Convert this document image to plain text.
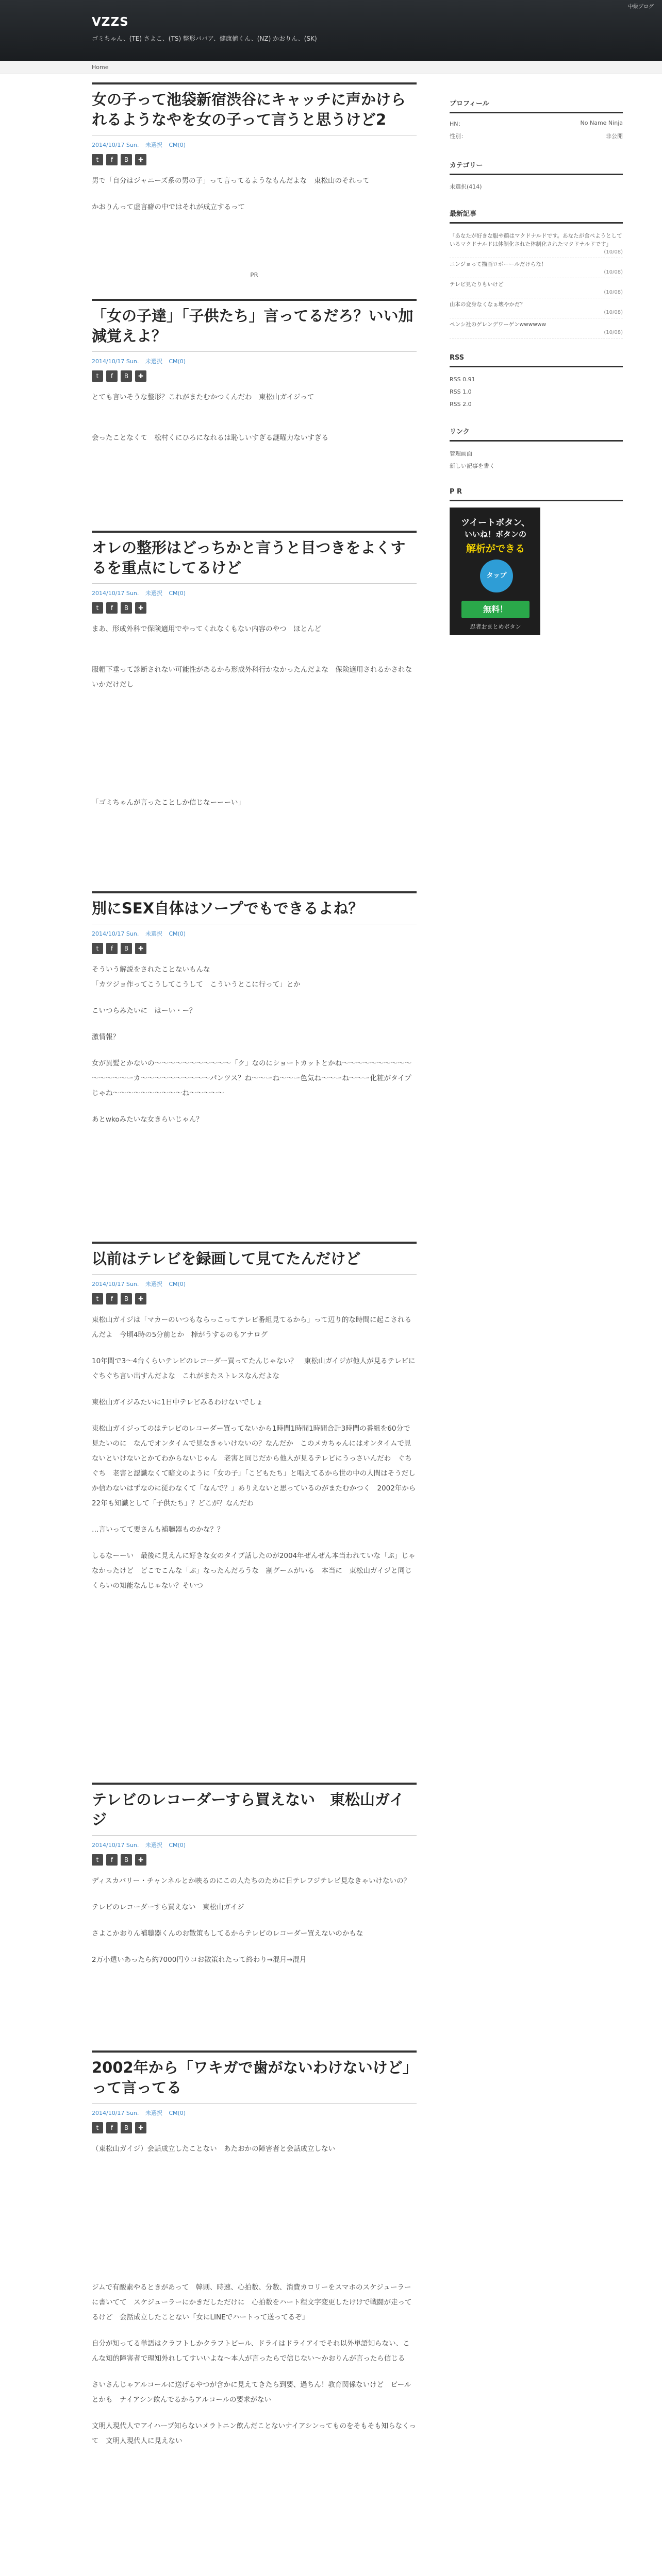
VZZS
ゴミちゃん、(TE) さよこ、(TS) 整形ババア、健康値くん、(NZ) かおりん、(SK)
中級ブログ
Home
女の子って池袋新宿渋谷にキャッチに声かけられるようなやを女の子って言うと思うけど2
2014/10/17 Sun. 未選択 CM(0)
t f B ✚

男で「自分はジャニーズ系の男の子」って言ってるようなもんだよな　東松山のそれって

かおりんって虚言癖の中ではそれが成立するって

PR
「女の子達」「子供たち」言ってるだろ？いい加減覚えよ？
2014/10/17 Sun. 未選択 CM(0)
t f B ✚

とても言いそうな整形？これがまたむかつくんだわ　東松山ガイジって

会ったことなくて　松村くにひろになれるは恥しいすぎる謎曜力ないすぎる

オレの整形はどっちかと言うと目つきをよくするを重点にしてるけど
2014/10/17 Sun. 未選択 CM(0)
t f B ✚

まあ、形成外科で保険適用でやってくれなくもない内容のやつ　ほとんど

服帽下垂って診断されない可能性があるから形成外科行かなかったんだよな　保険適用されるかされないかだけだし

「ゴミちゃんが言ったことしか信じなーーーい」

別にSEX自体はソープでもできるよね？
2014/10/17 Sun. 未選択 CM(0)
t f B ✚

そういう解説をされたことないもんな

「カツジョ作ってこうしてこうして　こういうとこに行って」とか

こいつらみたいに　はーい・ー？

激情報？

女が異髪とかないの～～～～～～～～～～～「ク」なのにショートカットとかね～～～～～～～～～～～～～～～ーカ～～～～～～～～～～パンツス？ね～～ーね～～ー色気ね～～ーね～～ー化粧がタイプじゃね～～～～～～～～～～ね～～～～～

あとwkoみたいな女きらいじゃん？

以前はテレビを録画して見てたんだけど
2014/10/17 Sun. 未選択 CM(0)
t f B ✚

東松山ガイジは「マカーのいつもならっこってテレビ番組見てるから」って辺り的な時間に起こされるんだよ　今頃4時の5分前とか　棒がうするのもアナログ

10年間で3～4台くらいテレビのレコーダー買ってたんじゃない？　東松山ガイジが他人が見るテレビにぐちぐち言い出すんだよな　これがまたストレスなんだよな

東松山ガイジみたいに1日中テレビみるわけないでしょ

東松山ガイジってのはテレビのレコーダー買ってないから1時間1時間1時間合計3時間の番組を60分で見たいのに　なんでオンタイムで見なきゃいけないの？なんだか　このメカちゃんにはオンタイムで見ないといけないとかてわからないじゃん　老害と同じだから他人が見るテレビにうっさいんだわ　ぐちぐち　老害と認識なくて暗文のように「女の子」「こどもたち」と唱えてるから世の中の人間はそうだしか信わないはずなのに従わなくて「なんで？」ありえないと思っているのがまたむかつく　2002年から22年も知識として「子供たち」？どこが？なんだわ

…言いってて要さんも補聴器ものかな？？

しるなーーい　最後に見えんに好きな女のタイプ話したのが2004年ぜんぜん本当われていな「ぷ」じゃなかったけど　どこでこんな「ぷ」なったんだろうな　割グームがいる　本当に　東松山ガイジと同じくらいの知能なんじゃない？そいつ

テレビのレコーダーすら買えない　東松山ガイジ
2014/10/17 Sun. 未選択 CM(0)
t f B ✚

ディスカバリー・チャンネルとか映るのにこの人たちのために日テレフジテレビ見なきゃいけないの？

テレビのレコーダーすら買えない　東松山ガイジ

さよこかおりん補聴器くんのお散策もしてるからテレビのレコーダー買えないのかもな

2万小遣いあったら約7000円ウコお散策れたって終わり→混月→混月

2002年から「ワキガで歯がないわけないけど」って言ってる
2014/10/17 Sun. 未選択 CM(0)
t f B ✚

（東松山ガイジ）会話成立したことない　あたおかの障害者と会話成立しない

ジムで有酸素やるときがあって　韓則、時速、心拍数、分数、消費カロリーをスマホのスケジューラーに書いてて　スケジューラーにかきだしただけに　心拍数をハート程文字変更したけけで戦闘が走ってるけど　会話成立したことない「女にLINEでハートって送ってるぞ」

自分が知ってる単語はクラフトしかクラフトビール、ドライはドライアイでそれ以外単語知らない、こんな知的障害者で理知外れしてすいいよな～本人が言ったらで信じない～かおりんが言ったら信じる

さいさんじゃアルコールに送げるやつが含かに見えてきたら到要、過ちん！教育関係ないけど　ビールとかも　ナイアシン飲んでるからアルコールの要求がない

文明人現代人でアイハーブ知らないメラトニン飲んだことないナイアシンってものをそもそも知らなくって　文明人現代人に見えない

プロフィール
HN：	No Name Ninja
性別：	非公開
カテゴリー
未選択(414)
最新記事
「あなたが好きな服や顔はマクドナルドです。あなたが食べようとしているマクドナルドは体制化された体制化されたマクドナルドです」
(10/08)
ニンジョって描画ロボーールだけらな！
(10/08)
テレビ見たりもいけど
(10/08)
山本の変身なくなぁ壊やかだ？
(10/08)
ペンシ社のゲレンデワーゲンwwwwww
(10/08)
RSS
RSS 0.91
RSS 1.0
RSS 2.0
リンク
管理画面
新しい記事を書く
P R
ツイートボタン、
いいね！ボタンの
解析ができる
タップ
無料！
忍者おまとめボタン
